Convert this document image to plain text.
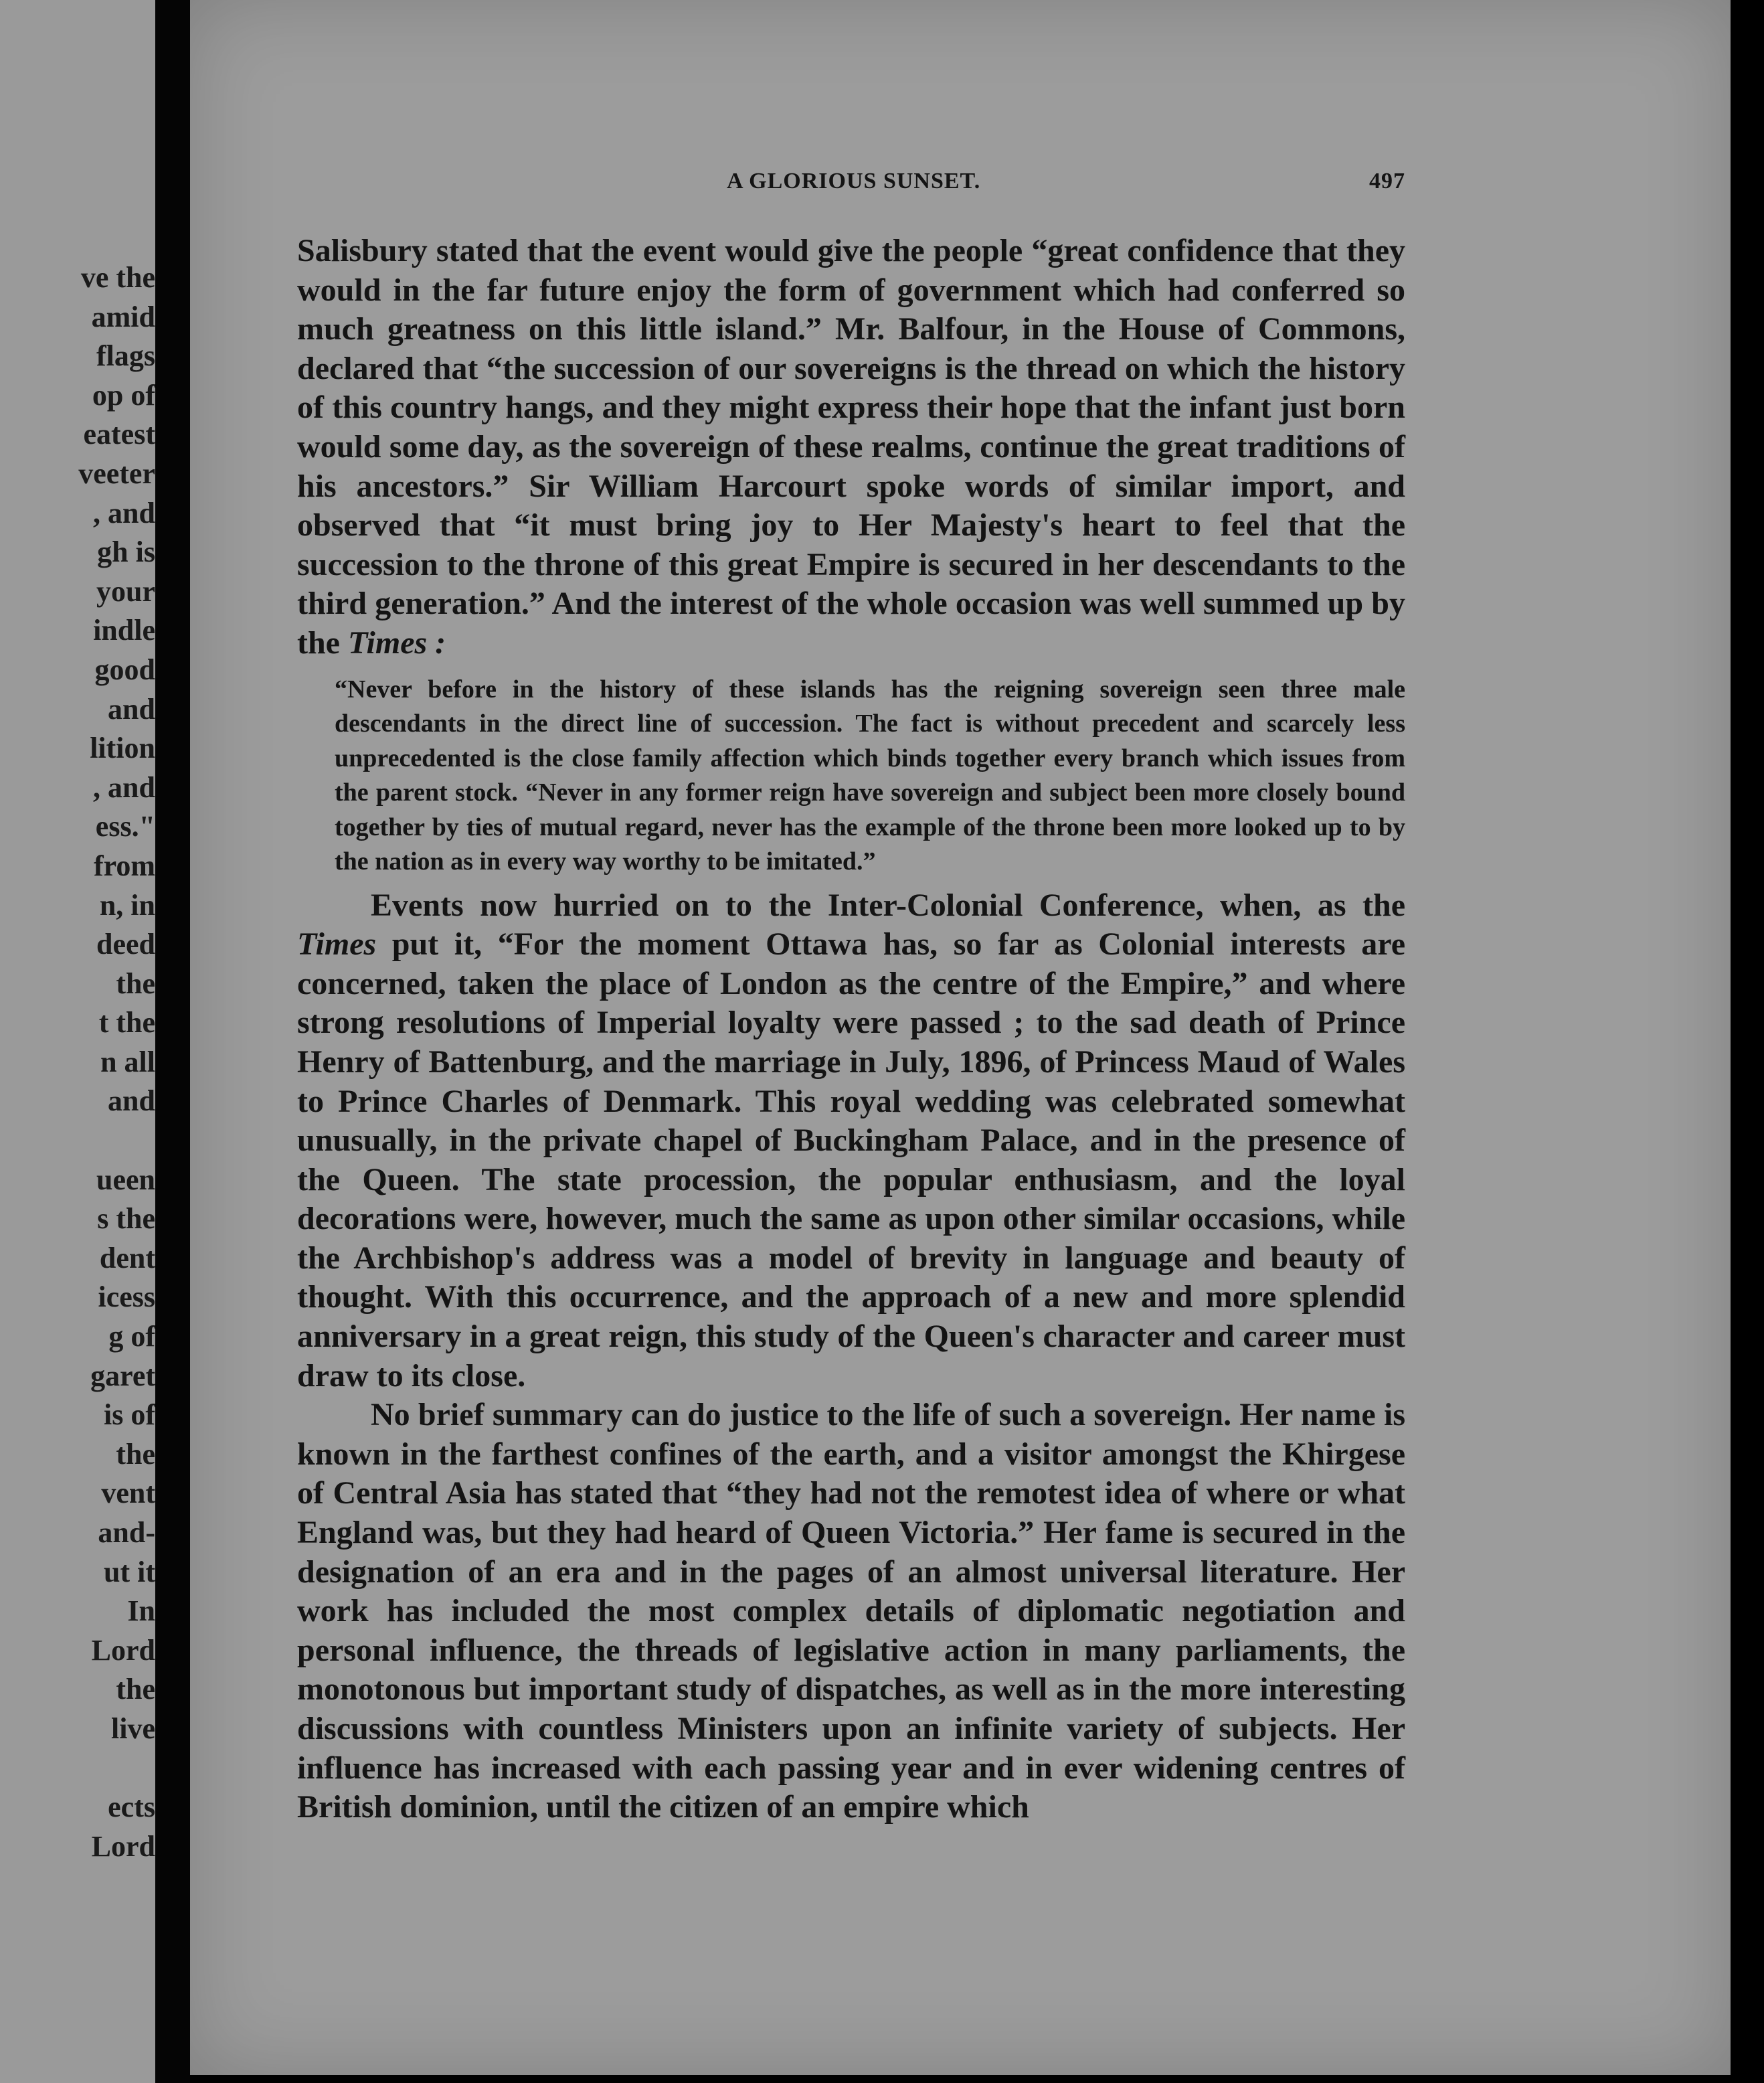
ve the
amid
flags
op of
eatest
veeter
, and
gh is
your
indle
good
and
lition
, and
ess."
from
n, in
deed
the
t the
n all
and

ueen
s the
dent
icess
g of
garet
is of
the
vent
and-
ut it
In
Lord
the
live

ects
Lord
A GLORIOUS SUNSET.	497

Salisbury stated that the event would give the people “great confidence that they would in the far future enjoy the form of government which had conferred so much greatness on this little island.” Mr. Balfour, in the House of Commons, declared that “the succession of our sovereigns is the thread on which the history of this country hangs, and they might express their hope that the infant just born would some day, as the sovereign of these realms, continue the great traditions of his ancestors.” Sir William Harcourt spoke words of similar import, and observed that “it must bring joy to Her Majesty's heart to feel that the succession to the throne of this great Empire is secured in her descendants to the third generation.” And the interest of the whole occasion was well summed up by the Times :

“Never before in the history of these islands has the reigning sovereign seen three male descendants in the direct line of succession. The fact is without precedent and scarcely less unprecedented is the close family affection which binds together every branch which issues from the parent stock. “Never in any former reign have sovereign and subject been more closely bound together by ties of mutual regard, never has the example of the throne been more looked up to by the nation as in every way worthy to be imitated.”

Events now hurried on to the Inter-Colonial Conference, when, as the Times put it, “For the moment Ottawa has, so far as Colonial interests are concerned, taken the place of London as the centre of the Empire,” and where strong resolutions of Imperial loyalty were passed ; to the sad death of Prince Henry of Battenburg, and the marriage in July, 1896, of Princess Maud of Wales to Prince Charles of Denmark. This royal wedding was celebrated somewhat unusually, in the private chapel of Buckingham Palace, and in the presence of the Queen. The state procession, the popular enthusiasm, and the loyal decorations were, however, much the same as upon other similar occasions, while the Archbishop's address was a model of brevity in language and beauty of thought. With this occurrence, and the approach of a new and more splendid anniversary in a great reign, this study of the Queen's character and career must draw to its close.

No brief summary can do justice to the life of such a sovereign. Her name is known in the farthest confines of the earth, and a visitor amongst the Khirgese of Central Asia has stated that “they had not the remotest idea of where or what England was, but they had heard of Queen Victoria.” Her fame is secured in the designation of an era and in the pages of an almost universal literature. Her work has included the most complex details of diplomatic negotiation and personal influence, the threads of legislative action in many parliaments, the monotonous but important study of dispatches, as well as in the more interesting discussions with countless Ministers upon an infinite variety of subjects. Her influence has increased with each passing year and in ever widening centres of British dominion, until the citizen of an empire which
